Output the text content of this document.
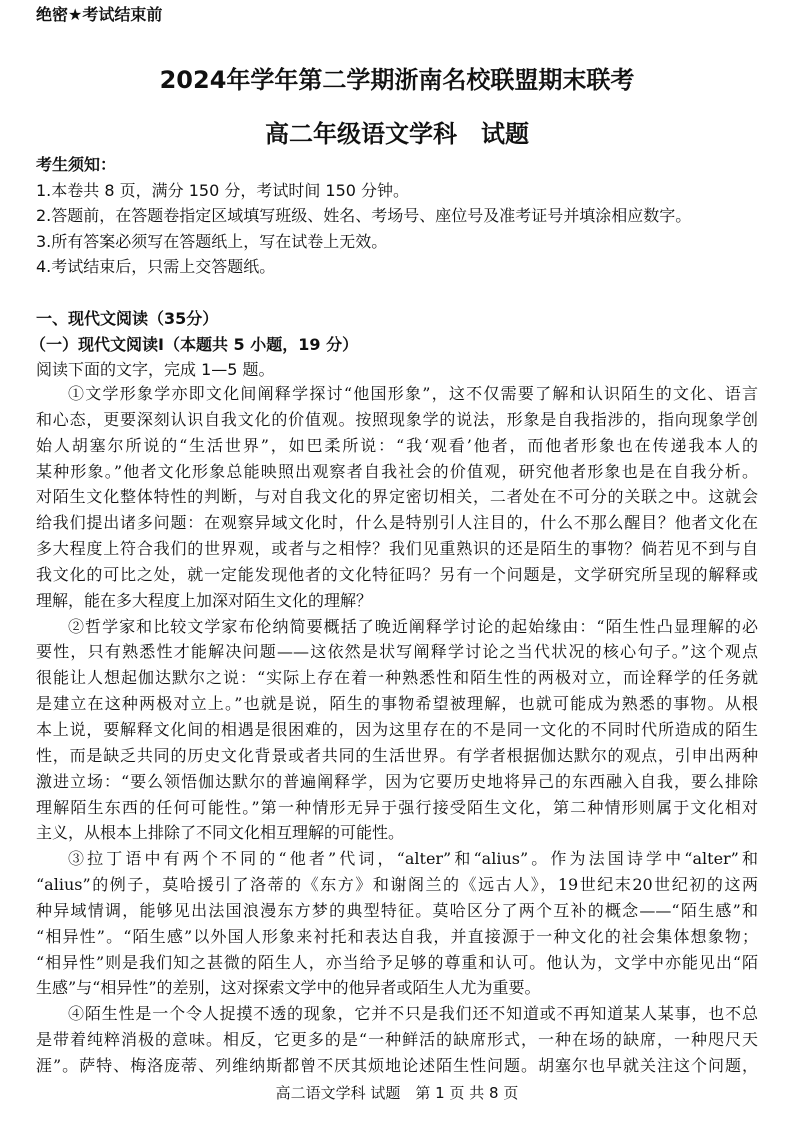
绝密★考试结束前
2024年学年第二学期浙南名校联盟期末联考
高二年级语文学科　试题
考生须知：
1.本卷共 8 页，满分 150 分，考试时间 150 分钟。
2.答题前，在答题卷指定区域填写班级、姓名、考场号、座位号及准考证号并填涂相应数字。
3.所有答案必须写在答题纸上，写在试卷上无效。
4.考试结束后，只需上交答题纸。
一、现代文阅读（35分）
（一）现代文阅读Ⅰ（本题共 5 小题，19 分）
阅读下面的文字，完成 1—5 题。
①文学形象学亦即文化间阐释学探讨“他国形象”，这不仅需要了解和认识陌生的文化、语言
和心态，更要深刻认识自我文化的价值观。按照现象学的说法，形象是自我指涉的，指向现象学创
始人胡塞尔所说的“生活世界”，如巴柔所说：“我‘观看’他者，而他者形象也在传递我本人的
某种形象。”他者文化形象总能映照出观察者自我社会的价值观，研究他者形象也是在自我分析。
对陌生文化整体特性的判断，与对自我文化的界定密切相关，二者处在不可分的关联之中。这就会
给我们提出诸多问题：在观察异域文化时，什么是特别引人注目的，什么不那么醒目？他者文化在
多大程度上符合我们的世界观，或者与之相悖？我们见重熟识的还是陌生的事物？倘若见不到与自
我文化的可比之处，就一定能发现他者的文化特征吗？另有一个问题是，文学研究所呈现的解释或
理解，能在多大程度上加深对陌生文化的理解？
②哲学家和比较文学家布伦纳简要概括了晚近阐释学讨论的起始缘由：“陌生性凸显理解的必
要性，只有熟悉性才能解决问题——这依然是状写阐释学讨论之当代状况的核心句子。”这个观点
很能让人想起伽达默尔之说：“实际上存在着一种熟悉性和陌生性的两极对立，而诠释学的任务就
是建立在这种两极对立上。”也就是说，陌生的事物希望被理解，也就可能成为熟悉的事物。从根
本上说，要解释文化间的相遇是很困难的，因为这里存在的不是同一文化的不同时代所造成的陌生
性，而是缺乏共同的历史文化背景或者共同的生活世界。有学者根据伽达默尔的观点，引申出两种
激进立场：“要么领悟伽达默尔的普遍阐释学，因为它要历史地将异己的东西融入自我，要么排除
理解陌生东西的任何可能性。”第一种情形无异于强行接受陌生文化，第二种情形则属于文化相对
主义，从根本上排除了不同文化相互理解的可能性。
③拉丁语中有两个不同的“他者”代词，“alter”和“alius”。作为法国诗学中“alter”和
“alius”的例子，莫哈援引了洛蒂的《东方》和谢阁兰的《远古人》，19世纪末20世纪初的这两
种异域情调，能够见出法国浪漫东方梦的典型特征。莫哈区分了两个互补的概念——“陌生感”和
“相异性”。“陌生感”以外国人形象来衬托和表达自我，并直接源于一种文化的社会集体想象物；
“相异性”则是我们知之甚微的陌生人，亦当给予足够的尊重和认可。他认为，文学中亦能见出“陌
生感”与“相异性”的差别，这对探索文学中的他异者或陌生人尤为重要。
④陌生性是一个令人捉摸不透的现象，它并不只是我们还不知道或不再知道某人某事，也不总
是带着纯粹消极的意味。相反，它更多的是“一种鲜活的缺席形式，一种在场的缺席，一种咫尺天
涯”。萨特、梅洛庞蒂、列维纳斯都曾不厌其烦地论述陌生性问题。胡塞尔也早就关注这个问题，
高二语文学科 试题　第 1 页 共 8 页
